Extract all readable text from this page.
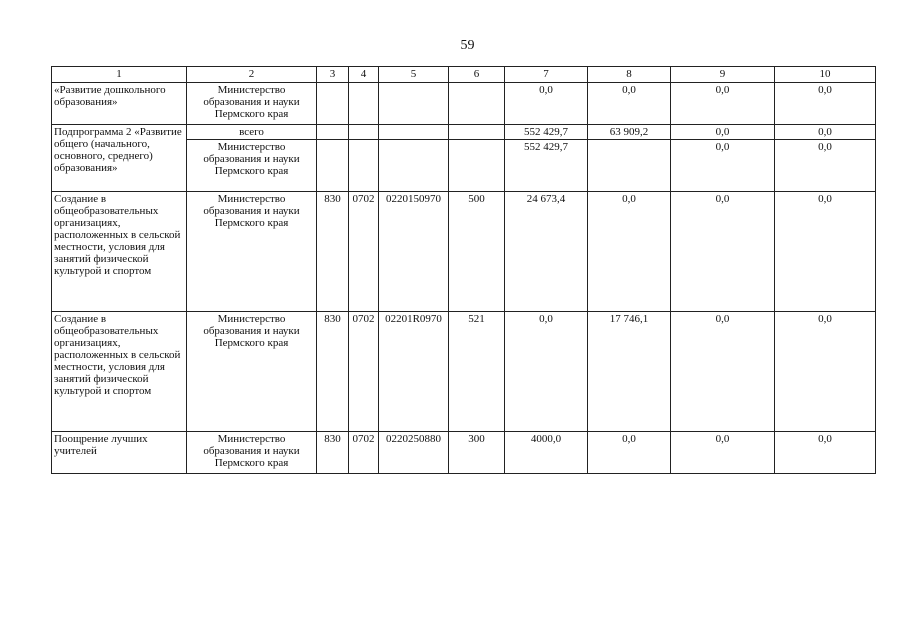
59
1	2	3	4	5	6	7	8	9	10
«Развитие дошкольного образования»	Министерство образования и науки Пермского края					0,0	0,0	0,0	0,0
Подпрограмма 2 «Развитие общего (начального, основного, среднего) образования»	всего					552 429,7	63 909,2	0,0	0,0
	Министерство образования и науки Пермского края					552 429,7		0,0	0,0
Создание в общеобразовательных организациях, расположенных в сельской местности, условия для занятий физической культурой и спортом	Министерство образования и науки Пермского края	830	0702	0220150970	500	24 673,4	0,0	0,0	0,0
Создание в общеобразовательных организациях, расположенных в сельской местности, условия для занятий физической культурой и спортом	Министерство образования и науки Пермского края	830	0702	02201R0970	521	0,0	17 746,1	0,0	0,0
Поощрение лучших учителей	Министерство образования и науки Пермского края	830	0702	0220250880	300	4000,0	0,0	0,0	0,0
